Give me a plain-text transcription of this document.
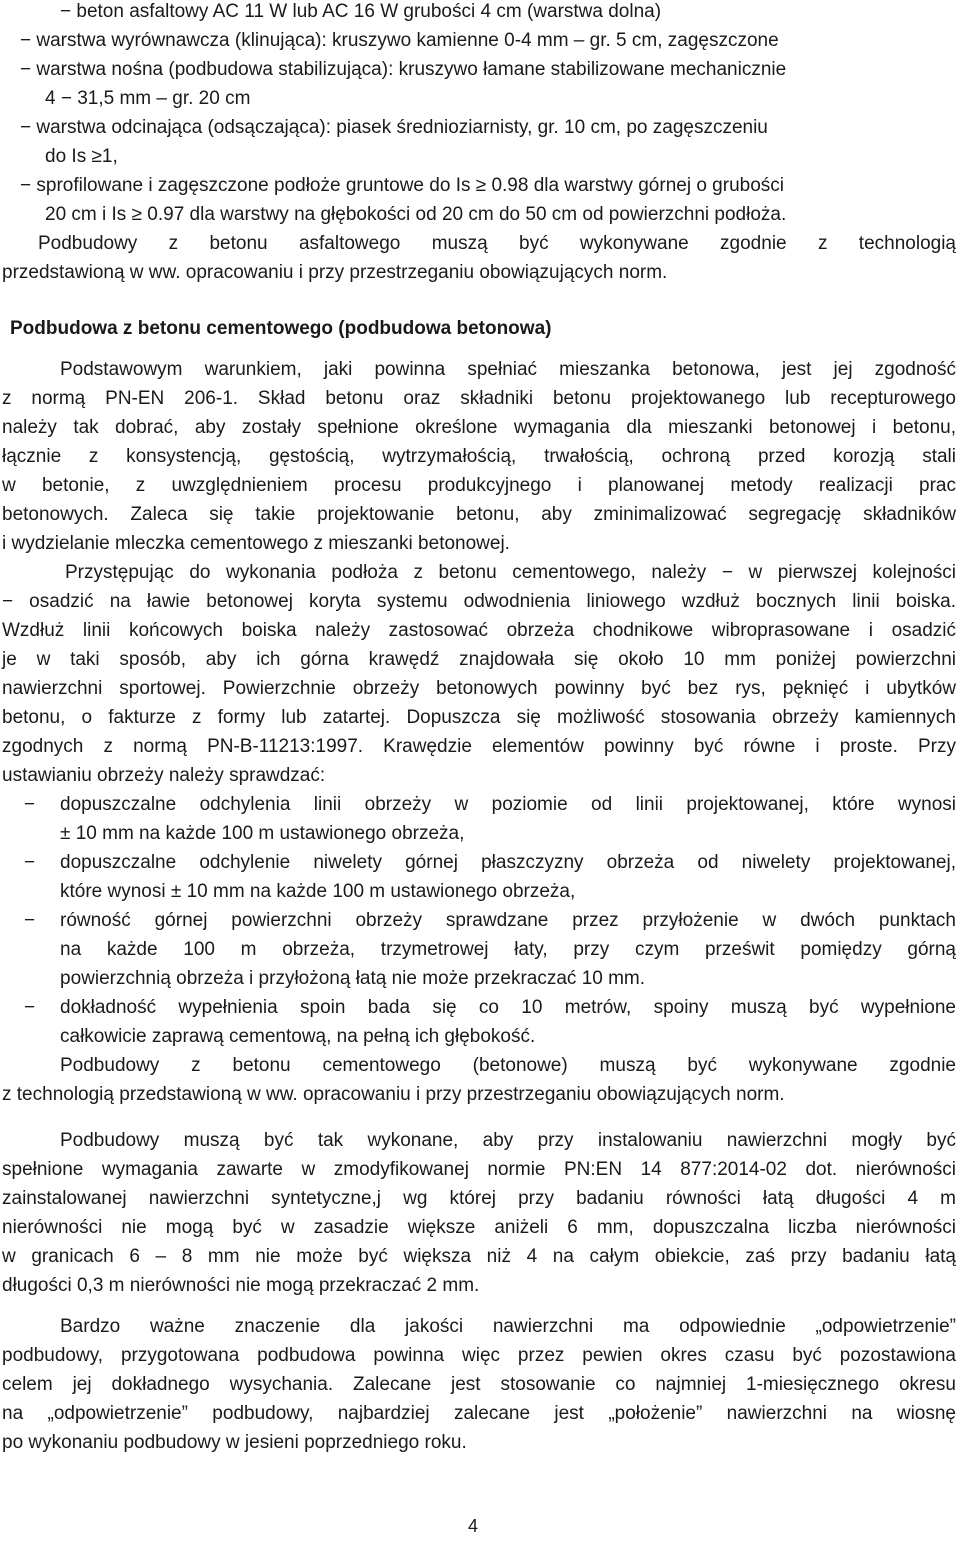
− beton asfaltowy AC 11 W lub AC 16 W grubości 4 cm (warstwa dolna)
− warstwa wyrównawcza (klinująca): kruszywo kamienne 0-4 mm – gr. 5 cm, zagęszczone
− warstwa nośna (podbudowa stabilizująca): kruszywo łamane stabilizowane mechanicznie
4 − 31,5 mm – gr. 20 cm
− warstwa odcinająca (odsączająca): piasek średnioziarnisty, gr. 10 cm, po zagęszczeniu
do Is ≥1,
− sprofilowane i zagęszczone podłoże gruntowe do Is ≥ 0.98 dla warstwy górnej o grubości
20 cm i Is ≥ 0.97 dla warstwy na głębokości od 20 cm do 50 cm od powierzchni podłoża.
Podbudowy z betonu asfaltowego muszą być wykonywane zgodnie z technologią
przedstawioną w ww. opracowaniu i przy przestrzeganiu obowiązujących norm.
Podbudowa z betonu cementowego (podbudowa betonowa)
Podstawowym warunkiem, jaki powinna spełniać mieszanka betonowa, jest jej zgodność
z normą PN-EN 206-1. Skład betonu oraz składniki betonu projektowanego lub recepturowego
należy tak dobrać, aby zostały spełnione określone wymagania dla mieszanki betonowej i betonu,
łącznie z konsystencją, gęstością, wytrzymałością, trwałością, ochroną przed korozją stali
w betonie, z uwzględnieniem procesu produkcyjnego i planowanej metody realizacji prac
betonowych. Zaleca się takie projektowanie betonu, aby zminimalizować segregację składników
i wydzielanie mleczka cementowego z mieszanki betonowej.
Przystępując do wykonania podłoża z betonu cementowego, należy − w pierwszej kolejności
− osadzić na ławie betonowej koryta systemu odwodnienia liniowego wzdłuż bocznych linii boiska.
Wzdłuż linii końcowych boiska należy zastosować obrzeża chodnikowe wibroprasowane i osadzić
je w taki sposób, aby ich górna krawędź znajdowała się około 10 mm poniżej powierzchni
nawierzchni sportowej. Powierzchnie obrzeży betonowych powinny być bez rys, pęknięć i ubytków
betonu, o fakturze z formy lub zatartej. Dopuszcza się możliwość stosowania obrzeży kamiennych
zgodnych z normą PN-B-11213:1997. Krawędzie elementów powinny być równe i proste. Przy
ustawianiu obrzeży należy sprawdzać:
− dopuszczalne odchylenia linii obrzeży w poziomie od linii projektowanej, które wynosi
± 10 mm na każde 100 m ustawionego obrzeża,
− dopuszczalne odchylenie niwelety górnej płaszczyzny obrzeża od niwelety projektowanej,
które wynosi ± 10 mm na każde 100 m ustawionego obrzeża,
− równość górnej powierzchni obrzeży sprawdzane przez przyłożenie w dwóch punktach
na każde 100 m obrzeża, trzymetrowej łaty, przy czym prześwit pomiędzy górną
powierzchnią obrzeża i przyłożoną łatą nie może przekraczać 10 mm.
− dokładność wypełnienia spoin bada się co 10 metrów, spoiny muszą być wypełnione
całkowicie zaprawą cementową, na pełną ich głębokość.
Podbudowy z betonu cementowego (betonowe) muszą być wykonywane zgodnie
z technologią przedstawioną w ww. opracowaniu i przy przestrzeganiu obowiązujących norm.
Podbudowy muszą być tak wykonane, aby przy instalowaniu nawierzchni mogły być
spełnione wymagania zawarte w zmodyfikowanej normie PN:EN 14 877:2014-02 dot. nierówności
zainstalowanej nawierzchni syntetyczne,j wg której przy badaniu równości łatą długości 4 m
nierówności nie mogą być w zasadzie większe aniżeli 6 mm, dopuszczalna liczba nierówności
w granicach 6 – 8 mm nie może być większa niż 4 na całym obiekcie, zaś przy badaniu łatą
długości 0,3 m nierówności nie mogą przekraczać 2 mm.
Bardzo ważne znaczenie dla jakości nawierzchni ma odpowiednie „odpowietrzenie”
podbudowy, przygotowana podbudowa powinna więc przez pewien okres czasu być pozostawiona
celem jej dokładnego wysychania. Zalecane jest stosowanie co najmniej 1-miesięcznego okresu
na „odpowietrzenie” podbudowy, najbardziej zalecane jest „położenie” nawierzchni na wiosnę
po wykonaniu podbudowy w jesieni poprzedniego roku.
4
